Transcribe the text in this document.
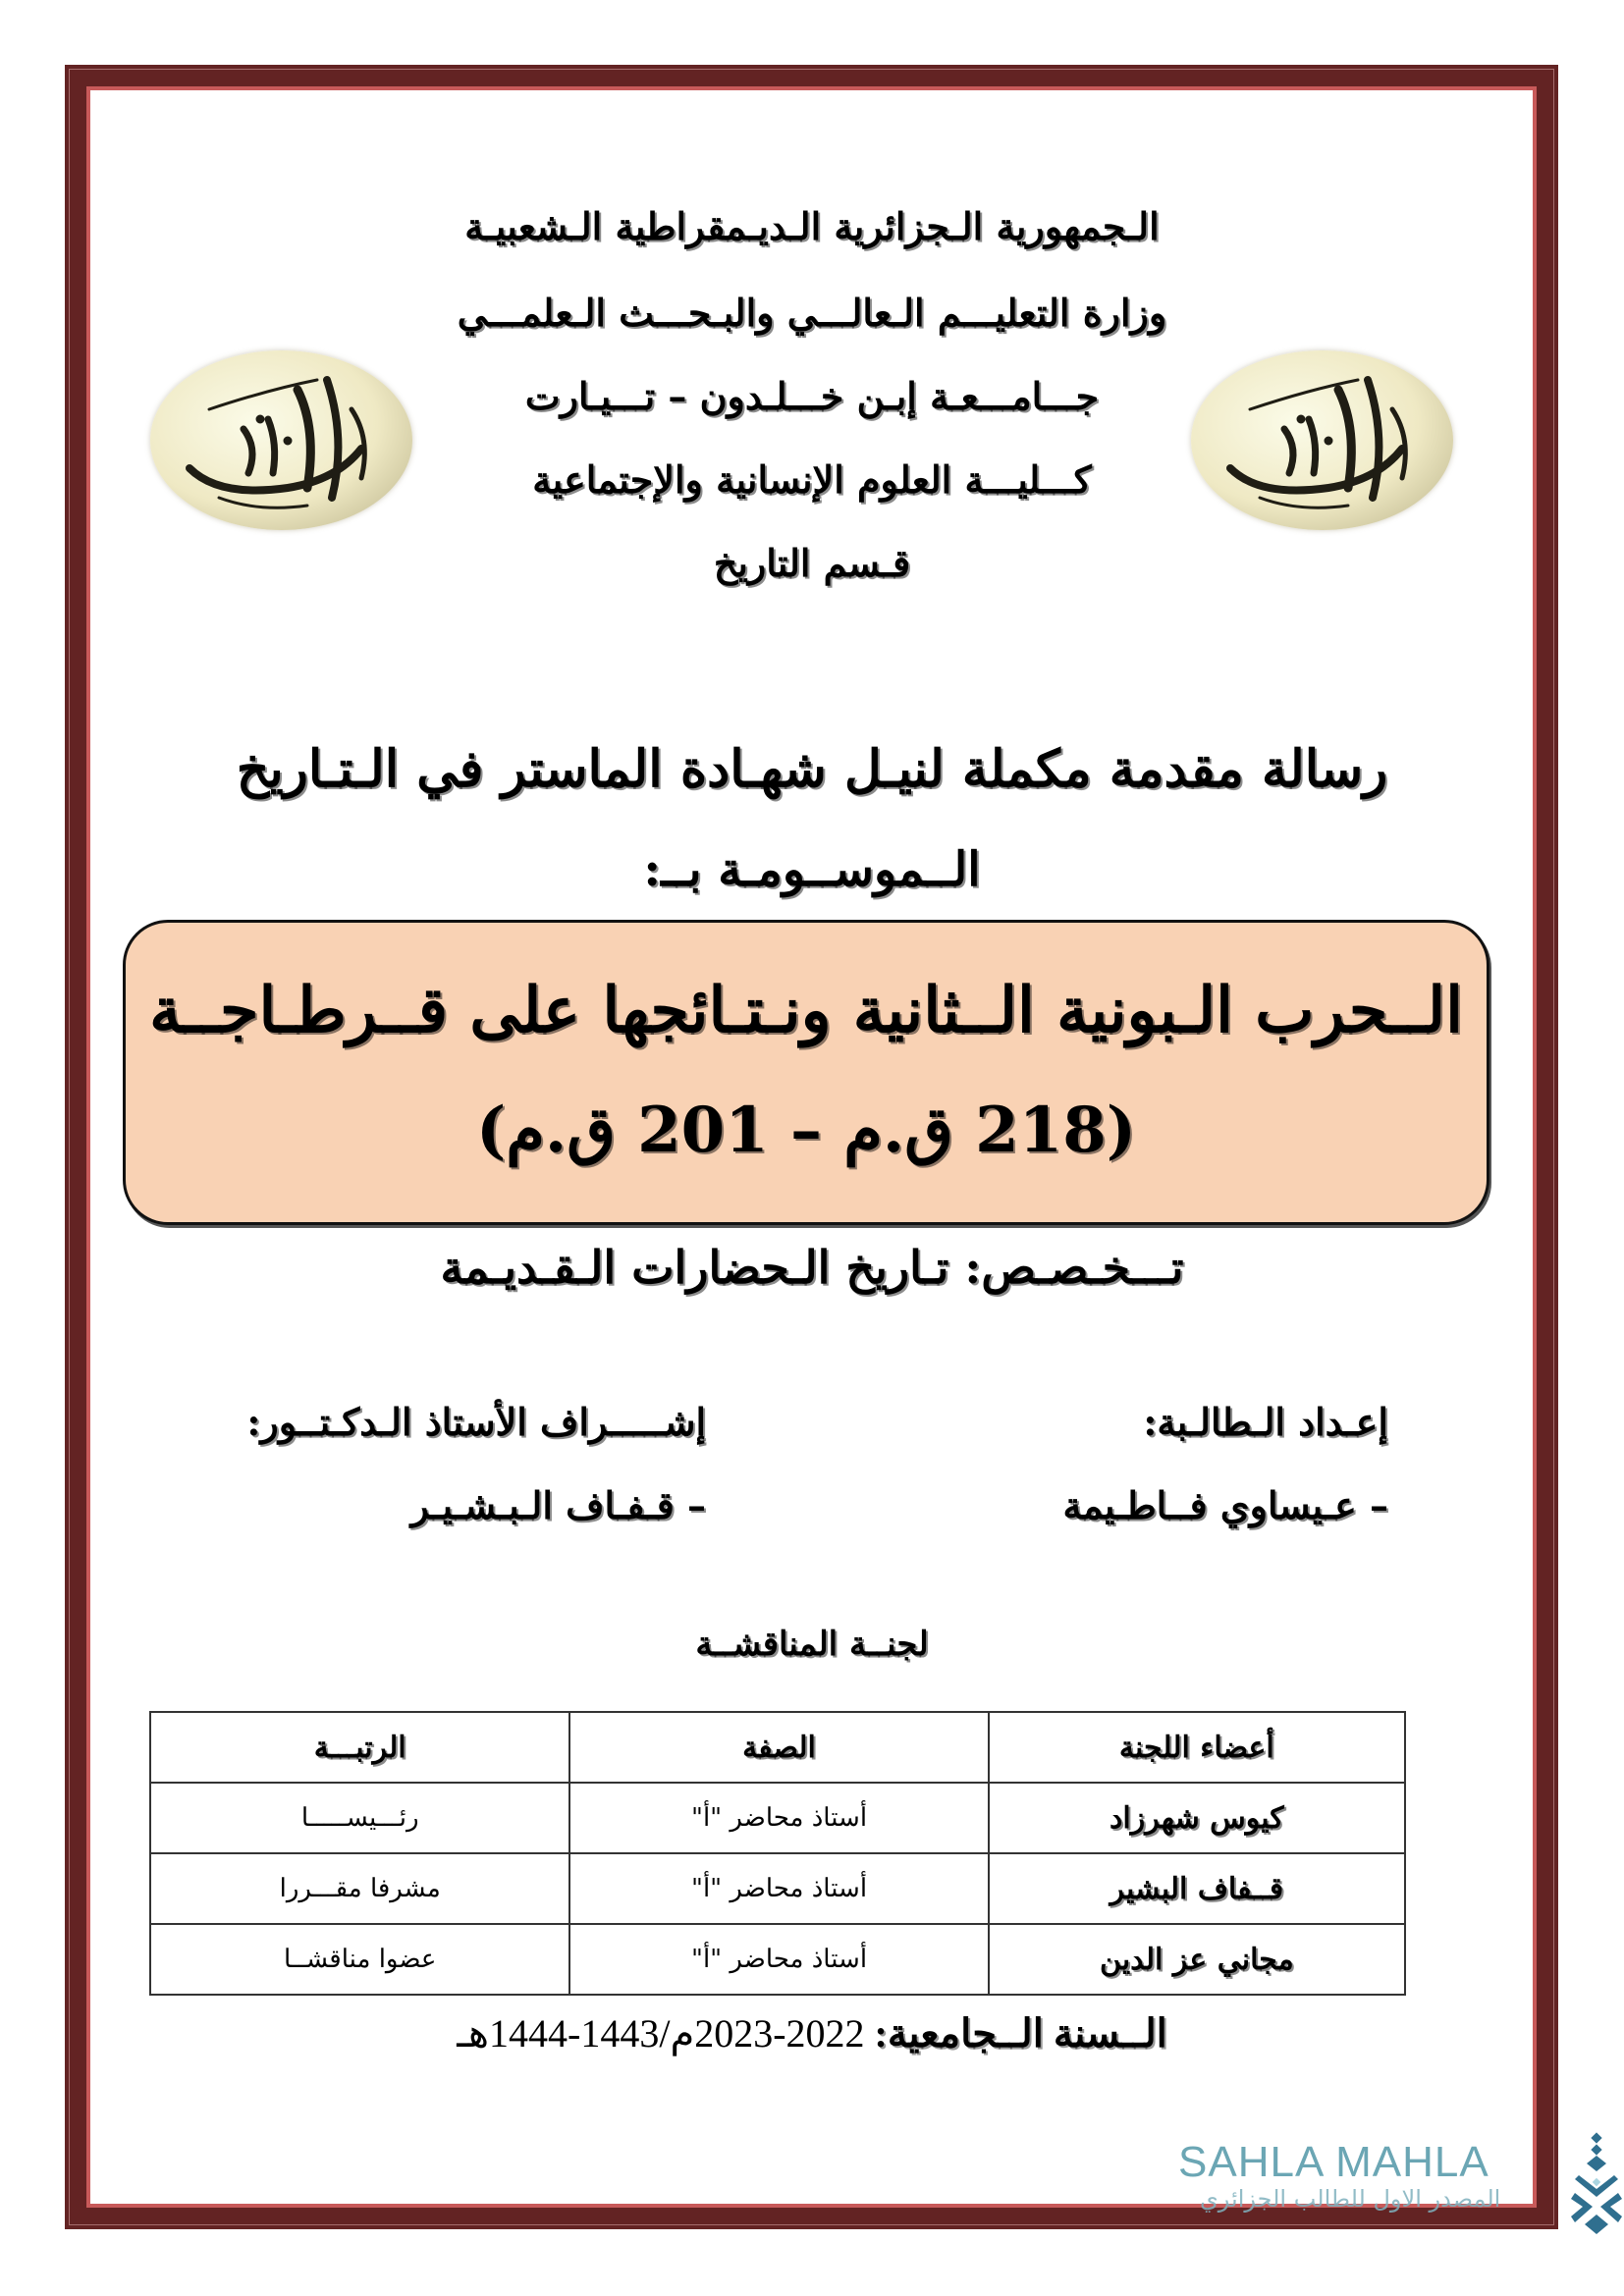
الـجمهورية الـجزائرية الـديـمقراطية الـشعبيـة
وزارة التعليـــم الـعالـــي والبـحـــث الـعلمـــي
جـــامـــعـة إبـن خـــلـدون – تـــيـارت
كـــليـــة العلوم الإنسانية والإجتماعية
قـسم التاريخ
رسالة مقدمة مكملة لنيـل شهـادة الماستر في الـتـاريخ
الــموســومـة بــ:
الــحرب الـبونية الــثانية ونـتـائجها على قــرطـاجــة
(218 ق.م – 201 ق.م)
تـــخـصـص: تـاريخ الـحضارات الـقـديـمة
إعـداد الـطالـبة:
– عـيساوي فــاطـيمة
إشـــــراف الأستاذ الـدكـتــور:
– قـفـاف الـبـشـيـر
لجنــة المناقشــة
أعضاء اللجنة	الصفة	الرتبـــة
كيوس شهرزاد	أستاذ محاضر "أ"	رئـــيســـــا
قــفاف البشير	أستاذ محاضر "أ"	مشرفا مقـــررا
مجاني عز الدين	أستاذ محاضر "أ"	عضوا مناقشــا
الــسنة الــجامعية: 2022-2023م/1443-1444هـ
SAHLA MAHLA
المصدر الاول للطالب الجزائري
